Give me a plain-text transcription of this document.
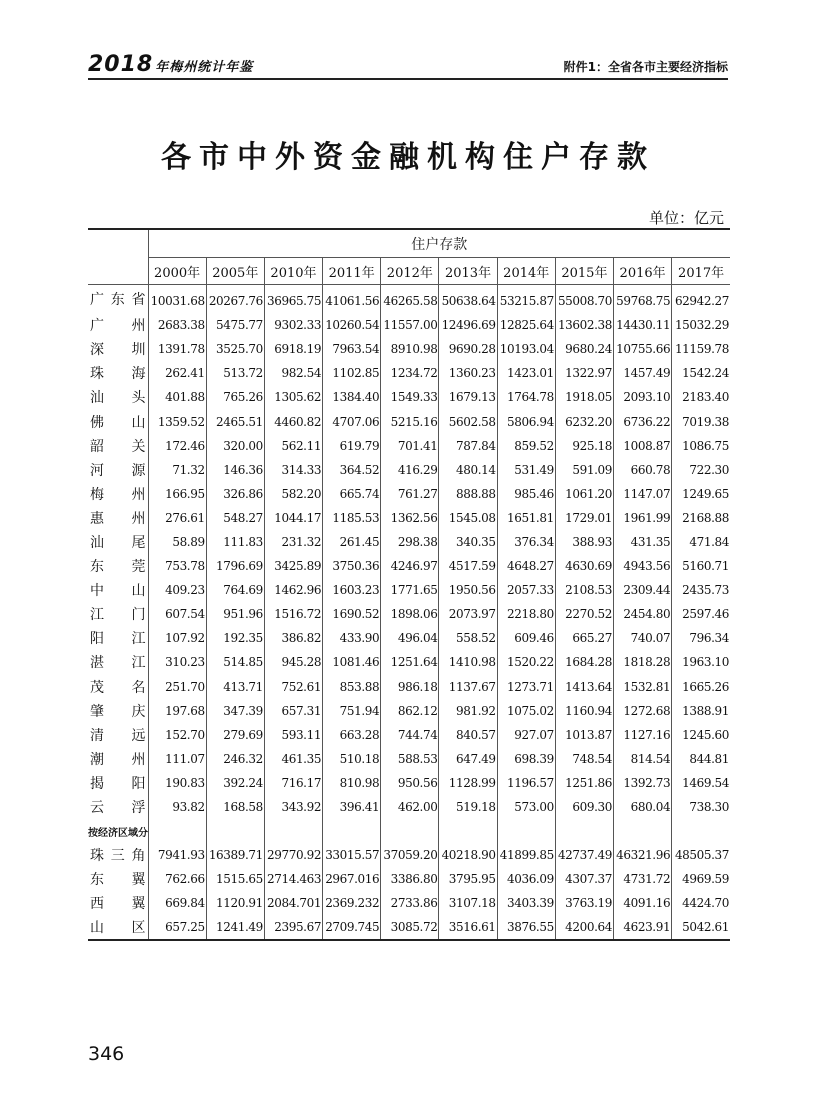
2018 年梅州统计年鉴	附件1：全省各市主要经济指标
各市中外资金融机构住户存款
单位：亿元
	住户存款									
	2000年	2005年	2010年	2011年	2012年	2013年	2014年	2015年	2016年	2017年
广东省	10031.68	20267.76	36965.75	41061.56	46265.58	50638.64	53215.87	55008.70	59768.75	62942.27
广州	2683.38	5475.77	9302.33	10260.54	11557.00	12496.69	12825.64	13602.38	14430.11	15032.29
深圳	1391.78	3525.70	6918.19	7963.54	8910.98	9690.28	10193.04	9680.24	10755.66	11159.78
珠海	262.41	513.72	982.54	1102.85	1234.72	1360.23	1423.01	1322.97	1457.49	1542.24
汕头	401.88	765.26	1305.62	1384.40	1549.33	1679.13	1764.78	1918.05	2093.10	2183.40
佛山	1359.52	2465.51	4460.82	4707.06	5215.16	5602.58	5806.94	6232.20	6736.22	7019.38
韶关	172.46	320.00	562.11	619.79	701.41	787.84	859.52	925.18	1008.87	1086.75
河源	71.32	146.36	314.33	364.52	416.29	480.14	531.49	591.09	660.78	722.30
梅州	166.95	326.86	582.20	665.74	761.27	888.88	985.46	1061.20	1147.07	1249.65
惠州	276.61	548.27	1044.17	1185.53	1362.56	1545.08	1651.81	1729.01	1961.99	2168.88
汕尾	58.89	111.83	231.32	261.45	298.38	340.35	376.34	388.93	431.35	471.84
东莞	753.78	1796.69	3425.89	3750.36	4246.97	4517.59	4648.27	4630.69	4943.56	5160.71
中山	409.23	764.69	1462.96	1603.23	1771.65	1950.56	2057.33	2108.53	2309.44	2435.73
江门	607.54	951.96	1516.72	1690.52	1898.06	2073.97	2218.80	2270.52	2454.80	2597.46
阳江	107.92	192.35	386.82	433.90	496.04	558.52	609.46	665.27	740.07	796.34
湛江	310.23	514.85	945.28	1081.46	1251.64	1410.98	1520.22	1684.28	1818.28	1963.10
茂名	251.70	413.71	752.61	853.88	986.18	1137.67	1273.71	1413.64	1532.81	1665.26
肇庆	197.68	347.39	657.31	751.94	862.12	981.92	1075.02	1160.94	1272.68	1388.91
清远	152.70	279.69	593.11	663.28	744.74	840.57	927.07	1013.87	1127.16	1245.60
潮州	111.07	246.32	461.35	510.18	588.53	647.49	698.39	748.54	814.54	844.81
揭阳	190.83	392.24	716.17	810.98	950.56	1128.99	1196.57	1251.86	1392.73	1469.54
云浮	93.82	168.58	343.92	396.41	462.00	519.18	573.00	609.30	680.04	738.30
按经济区域分										
珠三角	7941.93	16389.71	29770.92	33015.57	37059.20	40218.90	41899.85	42737.49	46321.96	48505.37
东翼	762.66	1515.65	2714.463	2967.016	3386.80	3795.95	4036.09	4307.37	4731.72	4969.59
西翼	669.84	1120.91	2084.701	2369.232	2733.86	3107.18	3403.39	3763.19	4091.16	4424.70
山区	657.25	1241.49	2395.67	2709.745	3085.72	3516.61	3876.55	4200.64	4623.91	5042.61
346
